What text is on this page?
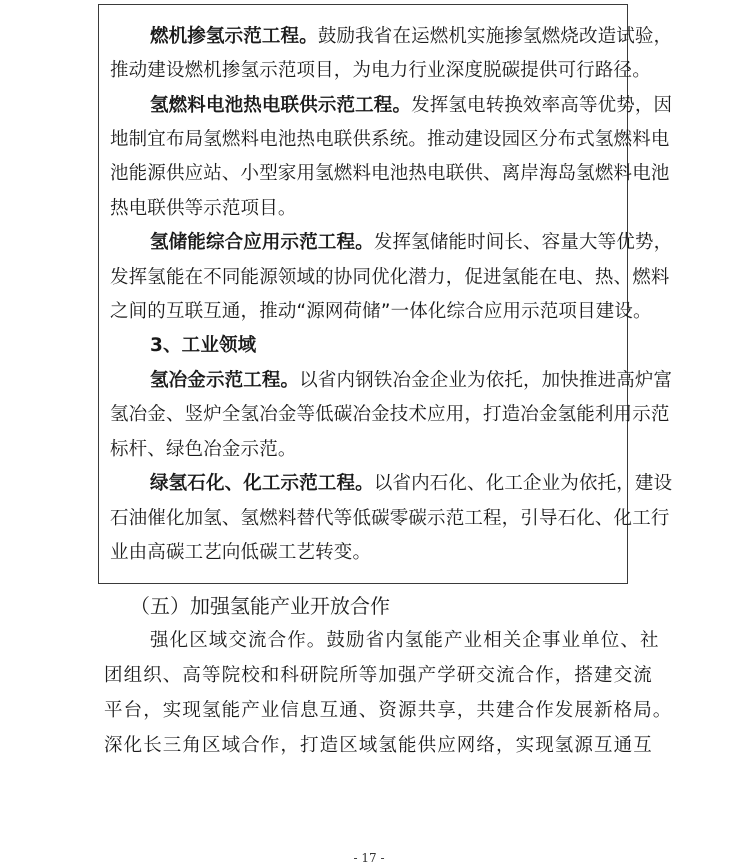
燃机掺氢示范工程。鼓励我省在运燃机实施掺氢燃烧改造试验，
推动建设燃机掺氢示范项目，为电力行业深度脱碳提供可行路径。
氢燃料电池热电联供示范工程。发挥氢电转换效率高等优势，因
地制宜布局氢燃料电池热电联供系统。推动建设园区分布式氢燃料电
池能源供应站、小型家用氢燃料电池热电联供、离岸海岛氢燃料电池
热电联供等示范项目。
氢储能综合应用示范工程。发挥氢储能时间长、容量大等优势，
发挥氢能在不同能源领域的协同优化潜力，促进氢能在电、热、燃料
之间的互联互通，推动“源网荷储”一体化综合应用示范项目建设。
3、工业领域
氢冶金示范工程。以省内钢铁冶金企业为依托，加快推进高炉富
氢冶金、竖炉全氢冶金等低碳冶金技术应用，打造冶金氢能利用示范
标杆、绿色冶金示范。
绿氢石化、化工示范工程。以省内石化、化工企业为依托，建设
石油催化加氢、氢燃料替代等低碳零碳示范工程，引导石化、化工行
业由高碳工艺向低碳工艺转变。
（五）加强氢能产业开放合作
强化区域交流合作。鼓励省内氢能产业相关企事业单位、社
团组织、高等院校和科研院所等加强产学研交流合作，搭建交流
平台，实现氢能产业信息互通、资源共享，共建合作发展新格局。
深化长三角区域合作，打造区域氢能供应网络，实现氢源互通互
- 17 -
